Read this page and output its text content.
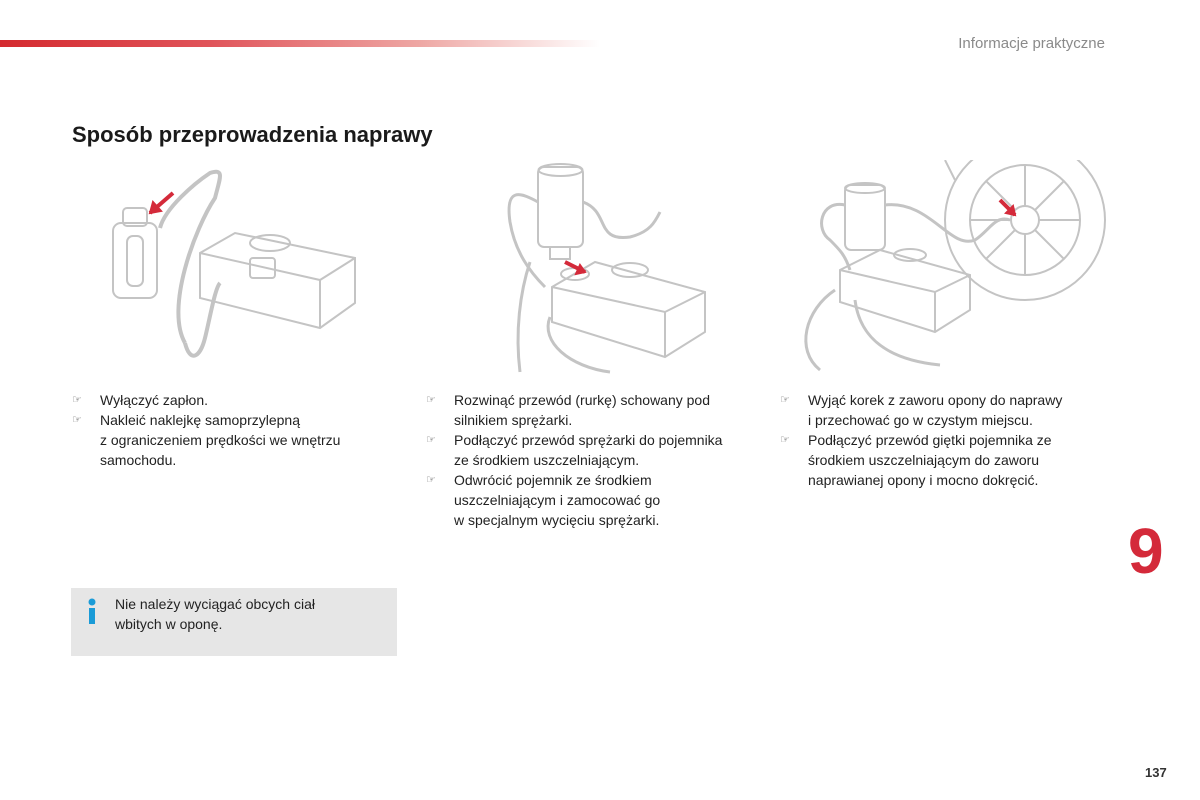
Informacje praktyczne
Sposób przeprowadzenia naprawy
☞	Wyłączyć zapłon.
☞	Nakleić naklejkę samoprzylepną
z ograniczeniem prędkości we wnętrzu
samochodu.
☞	Rozwinąć przewód (rurkę) schowany pod
silnikiem sprężarki.
☞	Podłączyć przewód sprężarki do pojemnika
ze środkiem uszczelniającym.
☞	Odwrócić pojemnik ze środkiem
uszczelniającym i zamocować go
w specjalnym wycięciu sprężarki.
☞	Wyjąć korek z zaworu opony do naprawy
i przechować go w czystym miejscu.
☞	Podłączyć przewód giętki pojemnika ze
środkiem uszczelniającym do zaworu
naprawianej opony i mocno dokręcić.
Nie należy wyciągać obcych ciał
wbitych w oponę.
9
137
